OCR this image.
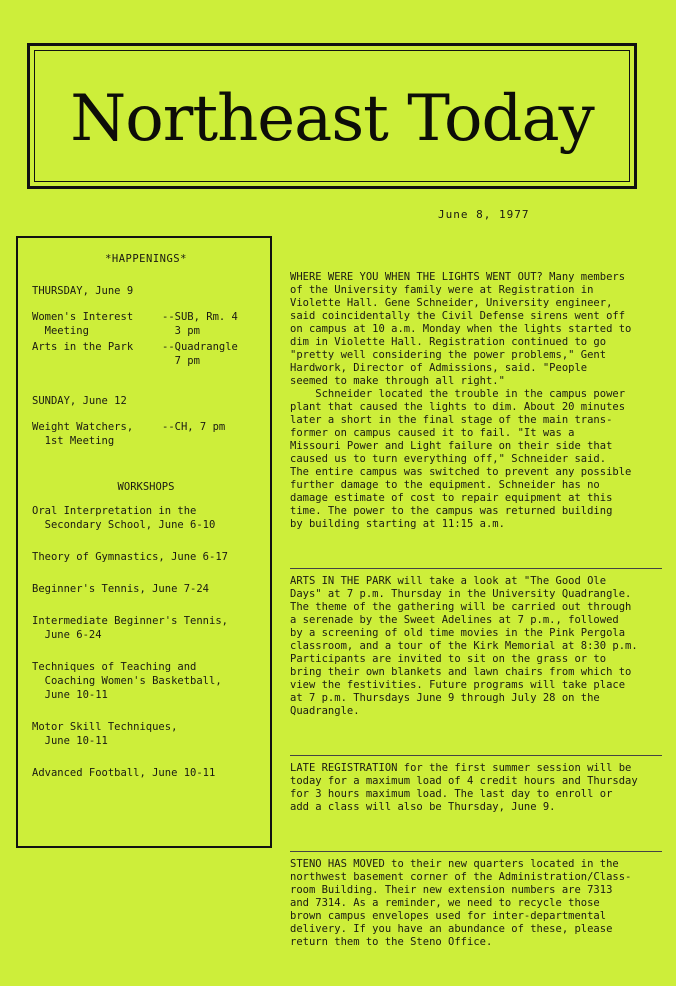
Northeast Today
June 8, 1977
*HAPPENINGS*
THURSDAY, June 9
Women's Interest
Meeting
--SUB, Rm. 4
3 pm
Arts in the Park	--Quadrangle
7 pm
SUNDAY, June 12
Weight Watchers,
1st Meeting
--CH, 7 pm
WORKSHOPS
Oral Interpretation in the
Secondary School, June 6-10
Theory of Gymnastics, June 6-17
Beginner's Tennis, June 7-24
Intermediate Beginner's Tennis,
June 6-24
Techniques of Teaching and
Coaching Women's Basketball,
June 10-11
Motor Skill Techniques,
June 10-11
Advanced Football, June 10-11

WHERE WERE YOU WHEN THE LIGHTS WENT OUT? Many members
of the University family were at Registration in
Violette Hall. Gene Schneider, University engineer,
said coincidentally the Civil Defense sirens went off
on campus at 10 a.m. Monday when the lights started to
dim in Violette Hall. Registration continued to go
"pretty well considering the power problems," Gent
Hardwork, Director of Admissions, said. "People
seemed to make through all right."
Schneider located the trouble in the campus power
plant that caused the lights to dim. About 20 minutes
later a short in the final stage of the main trans-
former on campus caused it to fail. "It was a
Missouri Power and Light failure on their side that
caused us to turn everything off," Schneider said.
The entire campus was switched to prevent any possible
further damage to the equipment. Schneider has no
damage estimate of cost to repair equipment at this
time. The power to the campus was returned building
by building starting at 11:15 a.m.

ARTS IN THE PARK will take a look at "The Good Ole
Days" at 7 p.m. Thursday in the University Quadrangle.
The theme of the gathering will be carried out through
a serenade by the Sweet Adelines at 7 p.m., followed
by a screening of old time movies in the Pink Pergola
classroom, and a tour of the Kirk Memorial at 8:30 p.m.
Participants are invited to sit on the grass or to
bring their own blankets and lawn chairs from which to
view the festivities. Future programs will take place
at 7 p.m. Thursdays June 9 through July 28 on the
Quadrangle.

LATE REGISTRATION for the first summer session will be
today for a maximum load of 4 credit hours and Thursday
for 3 hours maximum load. The last day to enroll or
add a class will also be Thursday, June 9.

STENO HAS MOVED to their new quarters located in the
northwest basement corner of the Administration/Class-
room Building. Their new extension numbers are 7313
and 7314. As a reminder, we need to recycle those
brown campus envelopes used for inter-departmental
delivery. If you have an abundance of these, please
return them to the Steno Office.
